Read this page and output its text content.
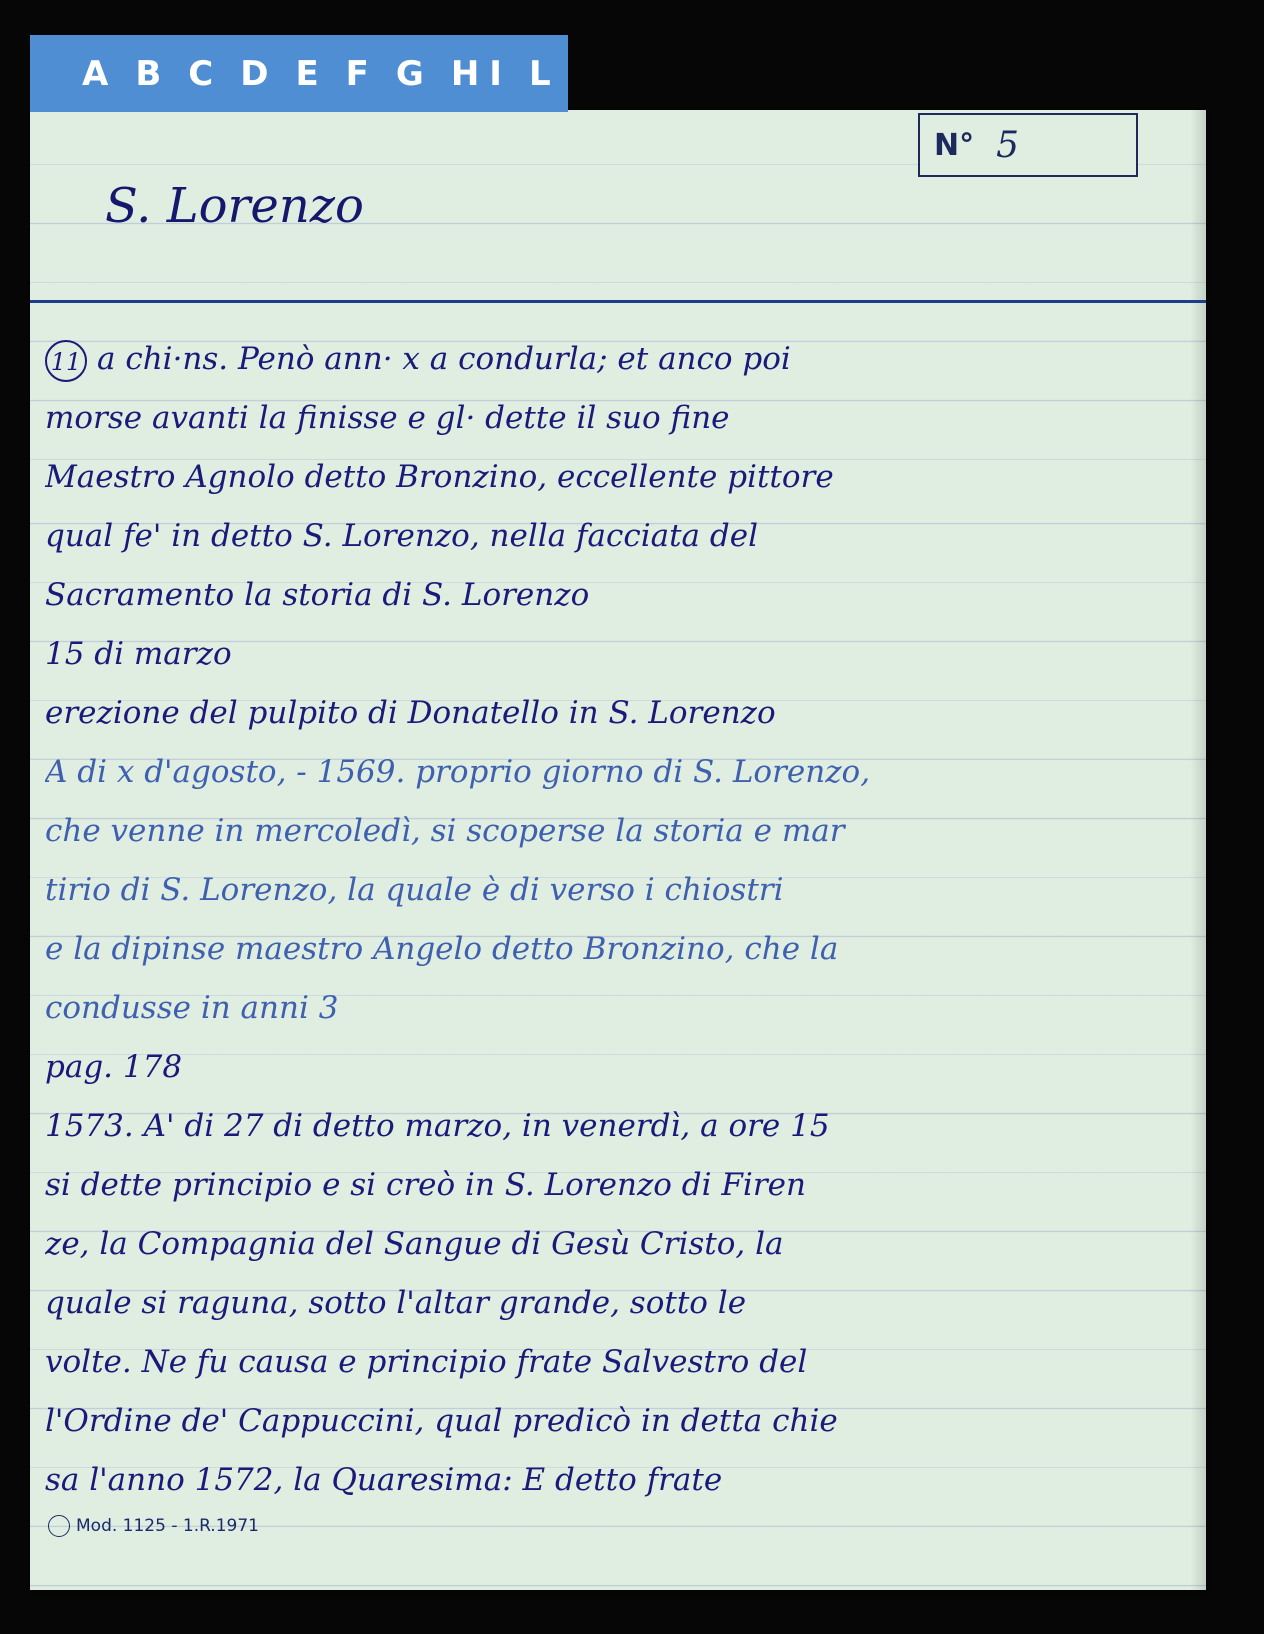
A B C D E F G H I L
N° 5
S. Lorenzo
11 a chi·ns. Penò ann· x a condurla; et anco poi
morse avanti la finisse e gl· dette il suo fine
Maestro Agnolo detto Bronzino, eccellente pittore
qual fe' in detto S. Lorenzo, nella facciata del
Sacramento la storia di S. Lorenzo
15 di marzo
erezione del pulpito di Donatello in S. Lorenzo
A di x d'agosto, - 1569. proprio giorno di S. Lorenzo,
che venne in mercoledì, si scoperse la storia e mar
tirio di S. Lorenzo, la quale è di verso i chiostri
e la dipinse maestro Angelo detto Bronzino, che la
condusse in anni 3
pag. 178
1573. A' di 27 di detto marzo, in venerdì, a ore 15
si dette principio e si creò in S. Lorenzo di Firen
ze, la Compagnia del Sangue di Gesù Cristo, la
quale si raguna, sotto l'altar grande, sotto le
volte. Ne fu causa e principio frate Salvestro del
l'Ordine de' Cappuccini, qual predicò in detta chie
sa l'anno 1572, la Quaresima: E detto frate
Mod. 1125 - 1.R.1971
